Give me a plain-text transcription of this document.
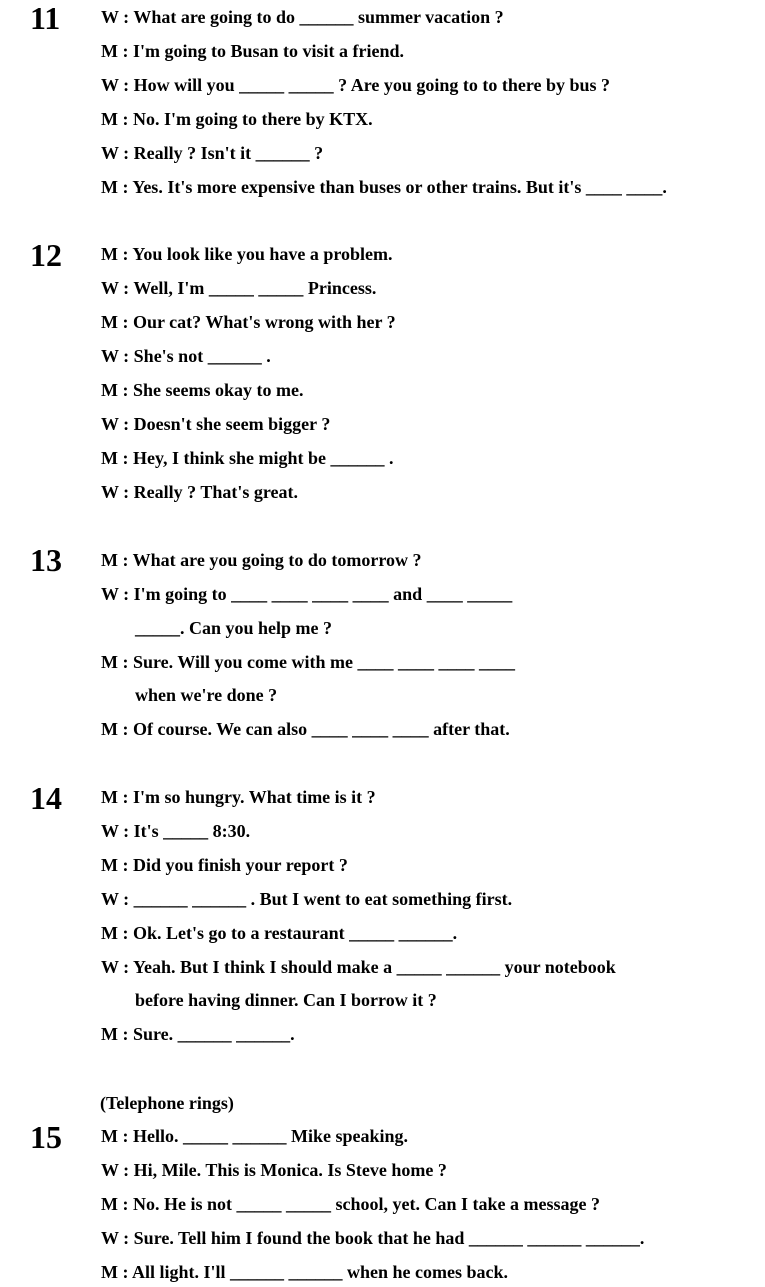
11 W : What are going to do ______ summer vacation ?
M : I'm going to Busan to visit a friend.
W : How will you _____ _____ ? Are you going to to there by bus ?
M : No. I'm going to there by KTX.
W : Really ? Isn't it ______ ?
M : Yes. It's more expensive than buses or other trains. But it's ____ ____.
12 M : You look like you have a problem.
W : Well, I'm _____ _____ Princess.
M : Our cat? What's wrong with her ?
W : She's not ______ .
M : She seems okay to me.
W : Doesn't she seem bigger ?
M : Hey, I think she might be ______ .
W : Really ? That's great.
13 M : What are you going to do tomorrow ?
W : I'm going to ____ ____ ____ ____ and ____ _____
_____. Can you help me ?
M : Sure. Will you come with me ____ ____ ____ ____
when we're done ?
M : Of course. We can also ____ ____ ____ after that.
14 M : I'm so hungry. What time is it ?
W : It's _____ 8:30.
M : Did you finish your report ?
W : ______ ______ . But I went to eat something first.
M : Ok. Let's go to a restaurant _____ ______.
W : Yeah. But I think I should make a _____ ______ your notebook
before having dinner. Can I borrow it ?
M : Sure. ______ ______.
(Telephone rings)
15 M : Hello. _____ ______ Mike speaking.
W : Hi, Mile. This is Monica. Is Steve home ?
M : No. He is not _____ _____ school, yet. Can I take a message ?
W : Sure. Tell him I found the book that he had ______ ______ ______.
M : All light. I'll ______ ______ when he comes back.
